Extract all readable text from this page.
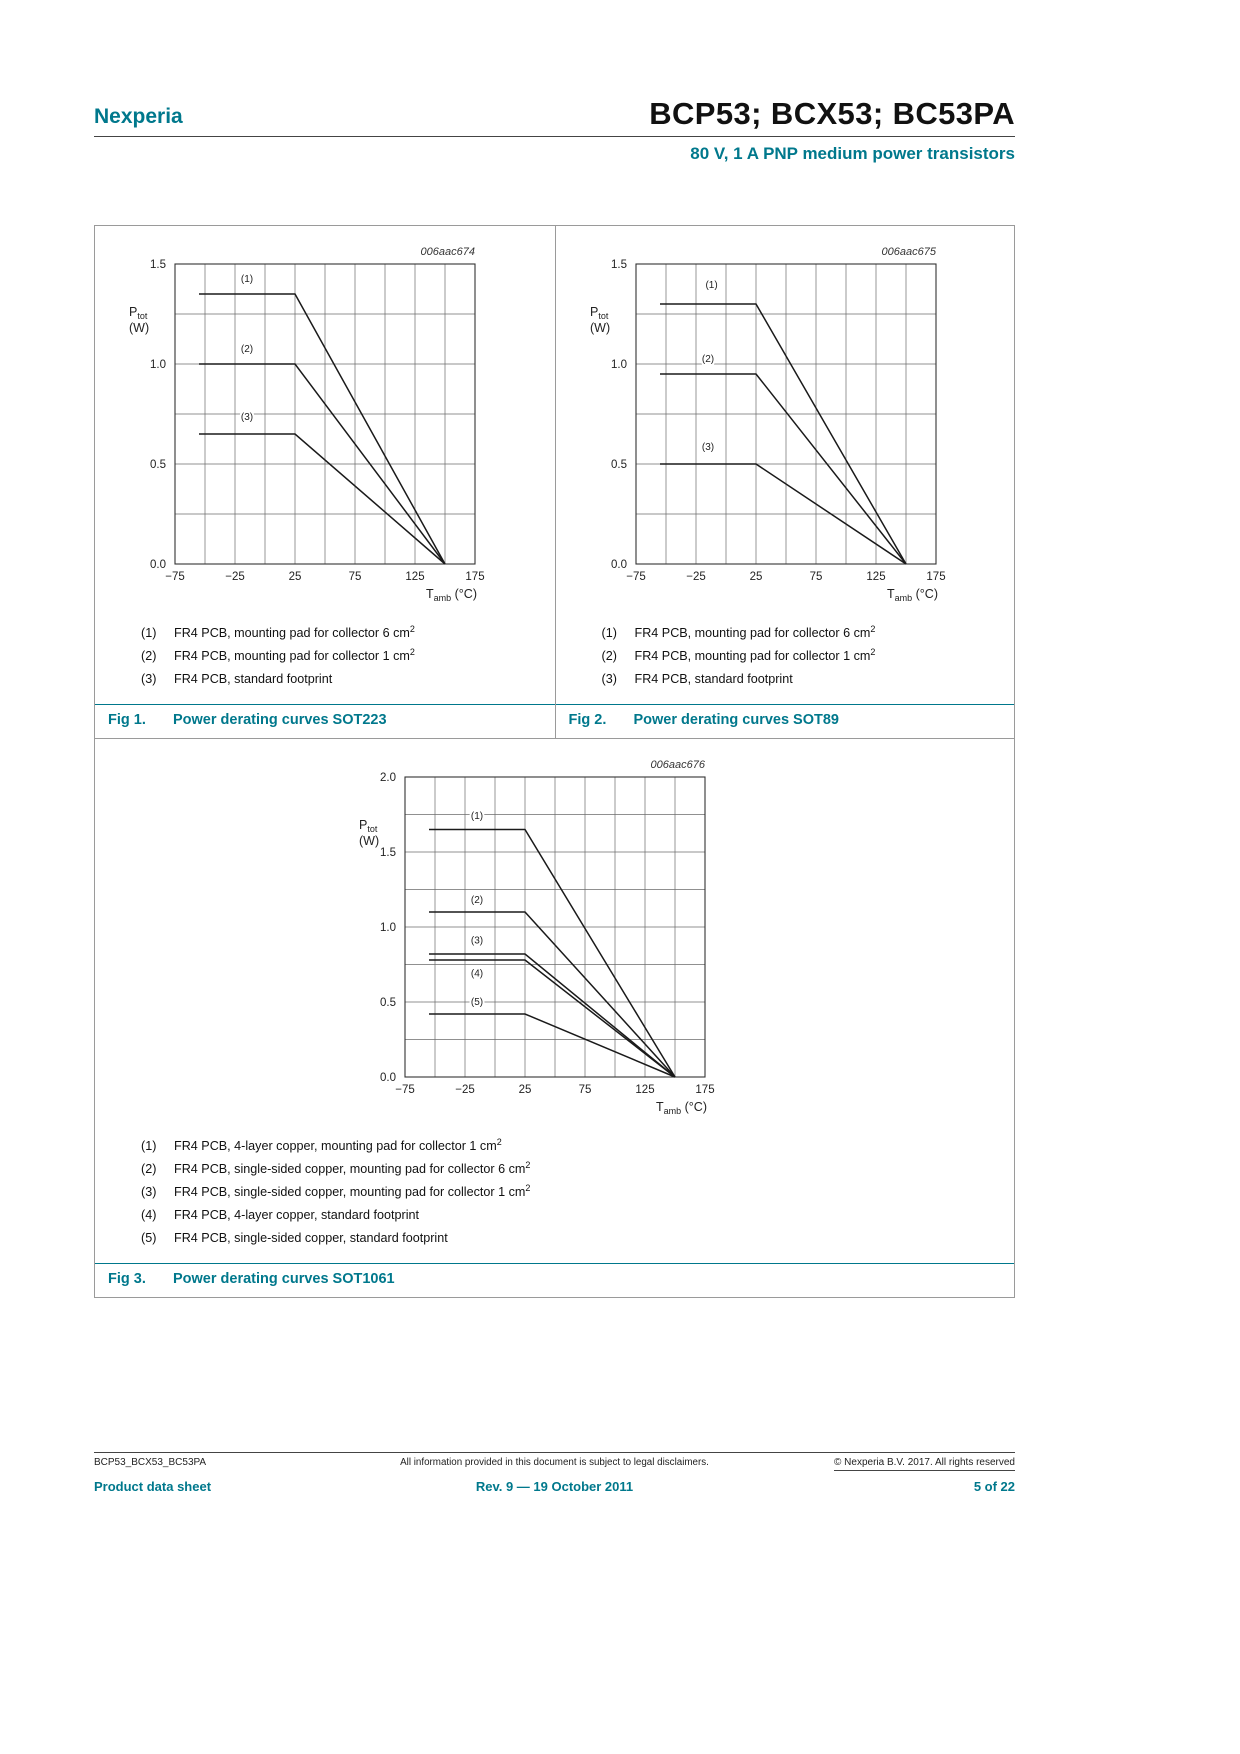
Nexperia	BCP53; BCX53; BC53PA
80 V, 1 A PNP medium power transistors
−75	−25	25	75	125	175
0.0
0.5
1.0
1.5
006aac674
$P_{tot}$
(W)
$T_{amb}$ (°C)
(1)
(2)
(3)
(1)	FR4 PCB, mounting pad for collector 6 $cm^2$
(2)	FR4 PCB, mounting pad for collector 1 $cm^2$
(3)	FR4 PCB, standard footprint
Fig 1. Power derating curves SOT223
−75	−25	25	75	125	175
0.0
0.5
1.0
1.5
006aac675
$P_{tot}$
(W)
$T_{amb}$ (°C)
(1)
(2)
(3)
(1)	FR4 PCB, mounting pad for collector 6 $cm^2$
(2)	FR4 PCB, mounting pad for collector 1 $cm^2$
(3)	FR4 PCB, standard footprint
Fig 2. Power derating curves SOT89
−75	−25	25	75	125	175
0.0
0.5
1.0
1.5
2.0
006aac676
$P_{tot}$
(W)
$T_{amb}$ (°C)
(1)
(2)
(3)
(4)
(5)
(1)	FR4 PCB, 4-layer copper, mounting pad for collector 1 $cm^2$
(2)	FR4 PCB, single-sided copper, mounting pad for collector 6 $cm^2$
(3)	FR4 PCB, single-sided copper, mounting pad for collector 1 $cm^2$
(4)	FR4 PCB, 4-layer copper, standard footprint
(5)	FR4 PCB, single-sided copper, standard footprint
Fig 3. Power derating curves SOT1061
BCP53_BCX53_BC53PA	All information provided in this document is subject to legal disclaimers.	© Nexperia B.V. 2017. All rights reserved
Product data sheet	Rev. 9 — 19 October 2011	5 of 22
